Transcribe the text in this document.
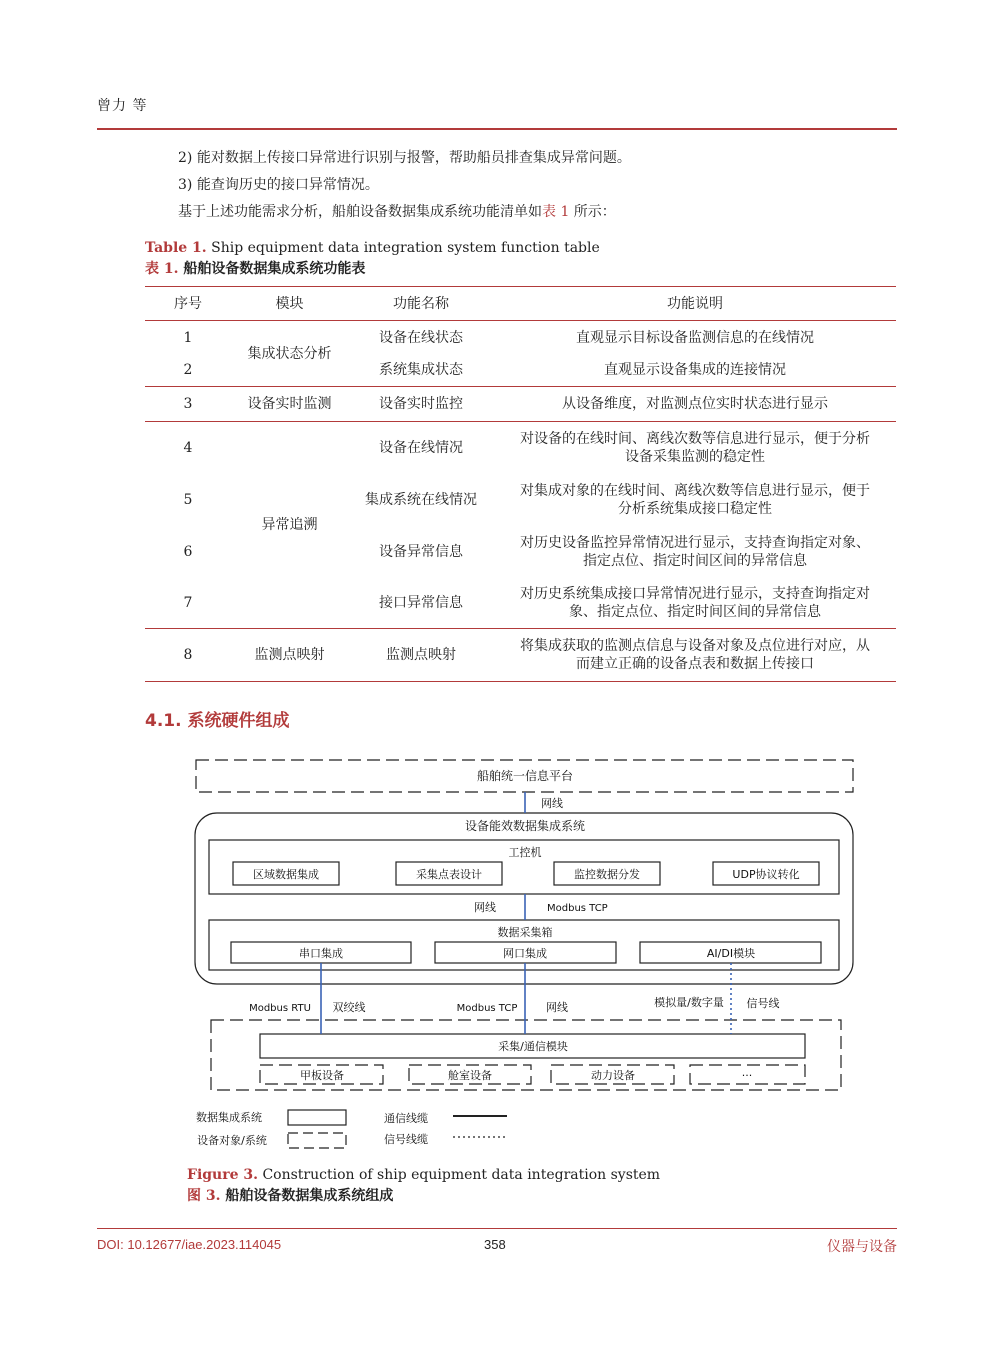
曾力 等
2) 能对数据上传接口异常进行识别与报警，帮助船员排查集成异常问题。
3) 能查询历史的接口异常情况。
基于上述功能需求分析，船舶设备数据集成系统功能清单如表 1 所示：
Table 1. Ship equipment data integration system function table
表 1. 船舶设备数据集成系统功能表
序号	模块	功能名称	功能说明
1	集成状态分析	设备在线状态	直观显示目标设备监测信息的在线情况
2		系统集成状态	直观显示设备集成的连接情况
3	设备实时监测	设备实时监控	从设备维度，对监测点位实时状态进行显示
4	异常追溯	设备在线情况	对设备的在线时间、离线次数等信息进行显示，便于分析
设备采集监测的稳定性
5		集成系统在线情况	对集成对象的在线时间、离线次数等信息进行显示，便于
分析系统集成接口稳定性
6		设备异常信息	对历史设备监控异常情况进行显示，支持查询指定对象、
指定点位、指定时间区间的异常信息
7		接口异常信息	对历史系统集成接口异常情况进行显示，支持查询指定对
象、指定点位、指定时间区间的异常信息
8	监测点映射	监测点映射	将集成获取的监测点信息与设备对象及点位进行对应，从
而建立正确的设备点表和数据上传接口
4.1. 系统硬件组成
船舶统一信息平台
网线
设备能效数据集成系统
工控机
区域数据集成	采集点表设计	监控数据分发	UDP协议转化
网线	Modbus TCP
数据采集箱
串口集成	网口集成	AI/DI模块
Modbus RTU 双绞线	Modbus TCP	网线	模拟量/数字量 信号线
采集/通信模块
甲板设备	舱室设备	动力设备	···
数据集成系统
设备对象/系统
通信线缆
信号线缆
Figure 3. Construction of ship equipment data integration system
图 3. 船舶设备数据集成系统组成
DOI: 10.12677/iae.2023.114045	358	仪器与设备
